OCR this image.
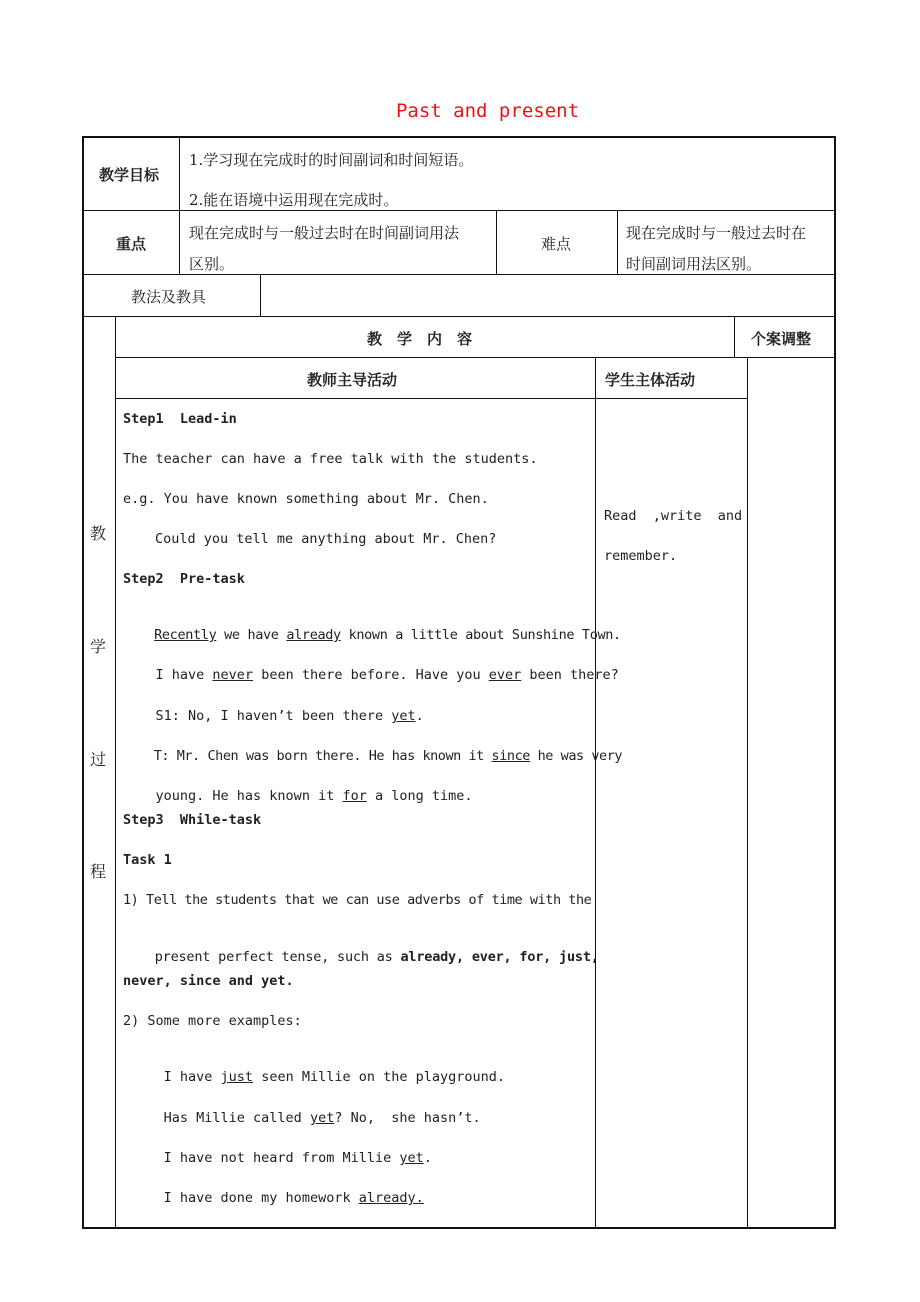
Past and present
教学目标
1.学习现在完成时的时间副词和时间短语。
2.能在语境中运用现在完成时。
重点
现在完成时与一般过去时在时间副词用法
区别。
难点
现在完成时与一般过去时在
时间副词用法区别。
教法及教具
教
学
过
程
教　学　内　容	个案调整
教师主导活动	学生主体活动
Read  ,write  and
remember.
Step1  Lead-in
The teacher can have a free talk with the students.
e.g. You have known something about Mr. Chen.
Could you tell me anything about Mr. Chen?
Step2  Pre-task

Recently we have already known a little about Sunshine Town.

I have never been there before. Have you ever been there?

S1: No, I haven’t been there yet.

T: Mr. Chen was born there. He has known it since he was very

young. He has known it for a long time.

Step3  While-task
Task 1
1) Tell the students that we can use adverbs of time with the

present perfect tense, such as already, ever, for, just,

never, since and yet.
2) Some more examples:

I have just seen Millie on the playground.

Has Millie called yet? No,  she hasn’t.

I have not heard from Millie yet.

I have done my homework already.
